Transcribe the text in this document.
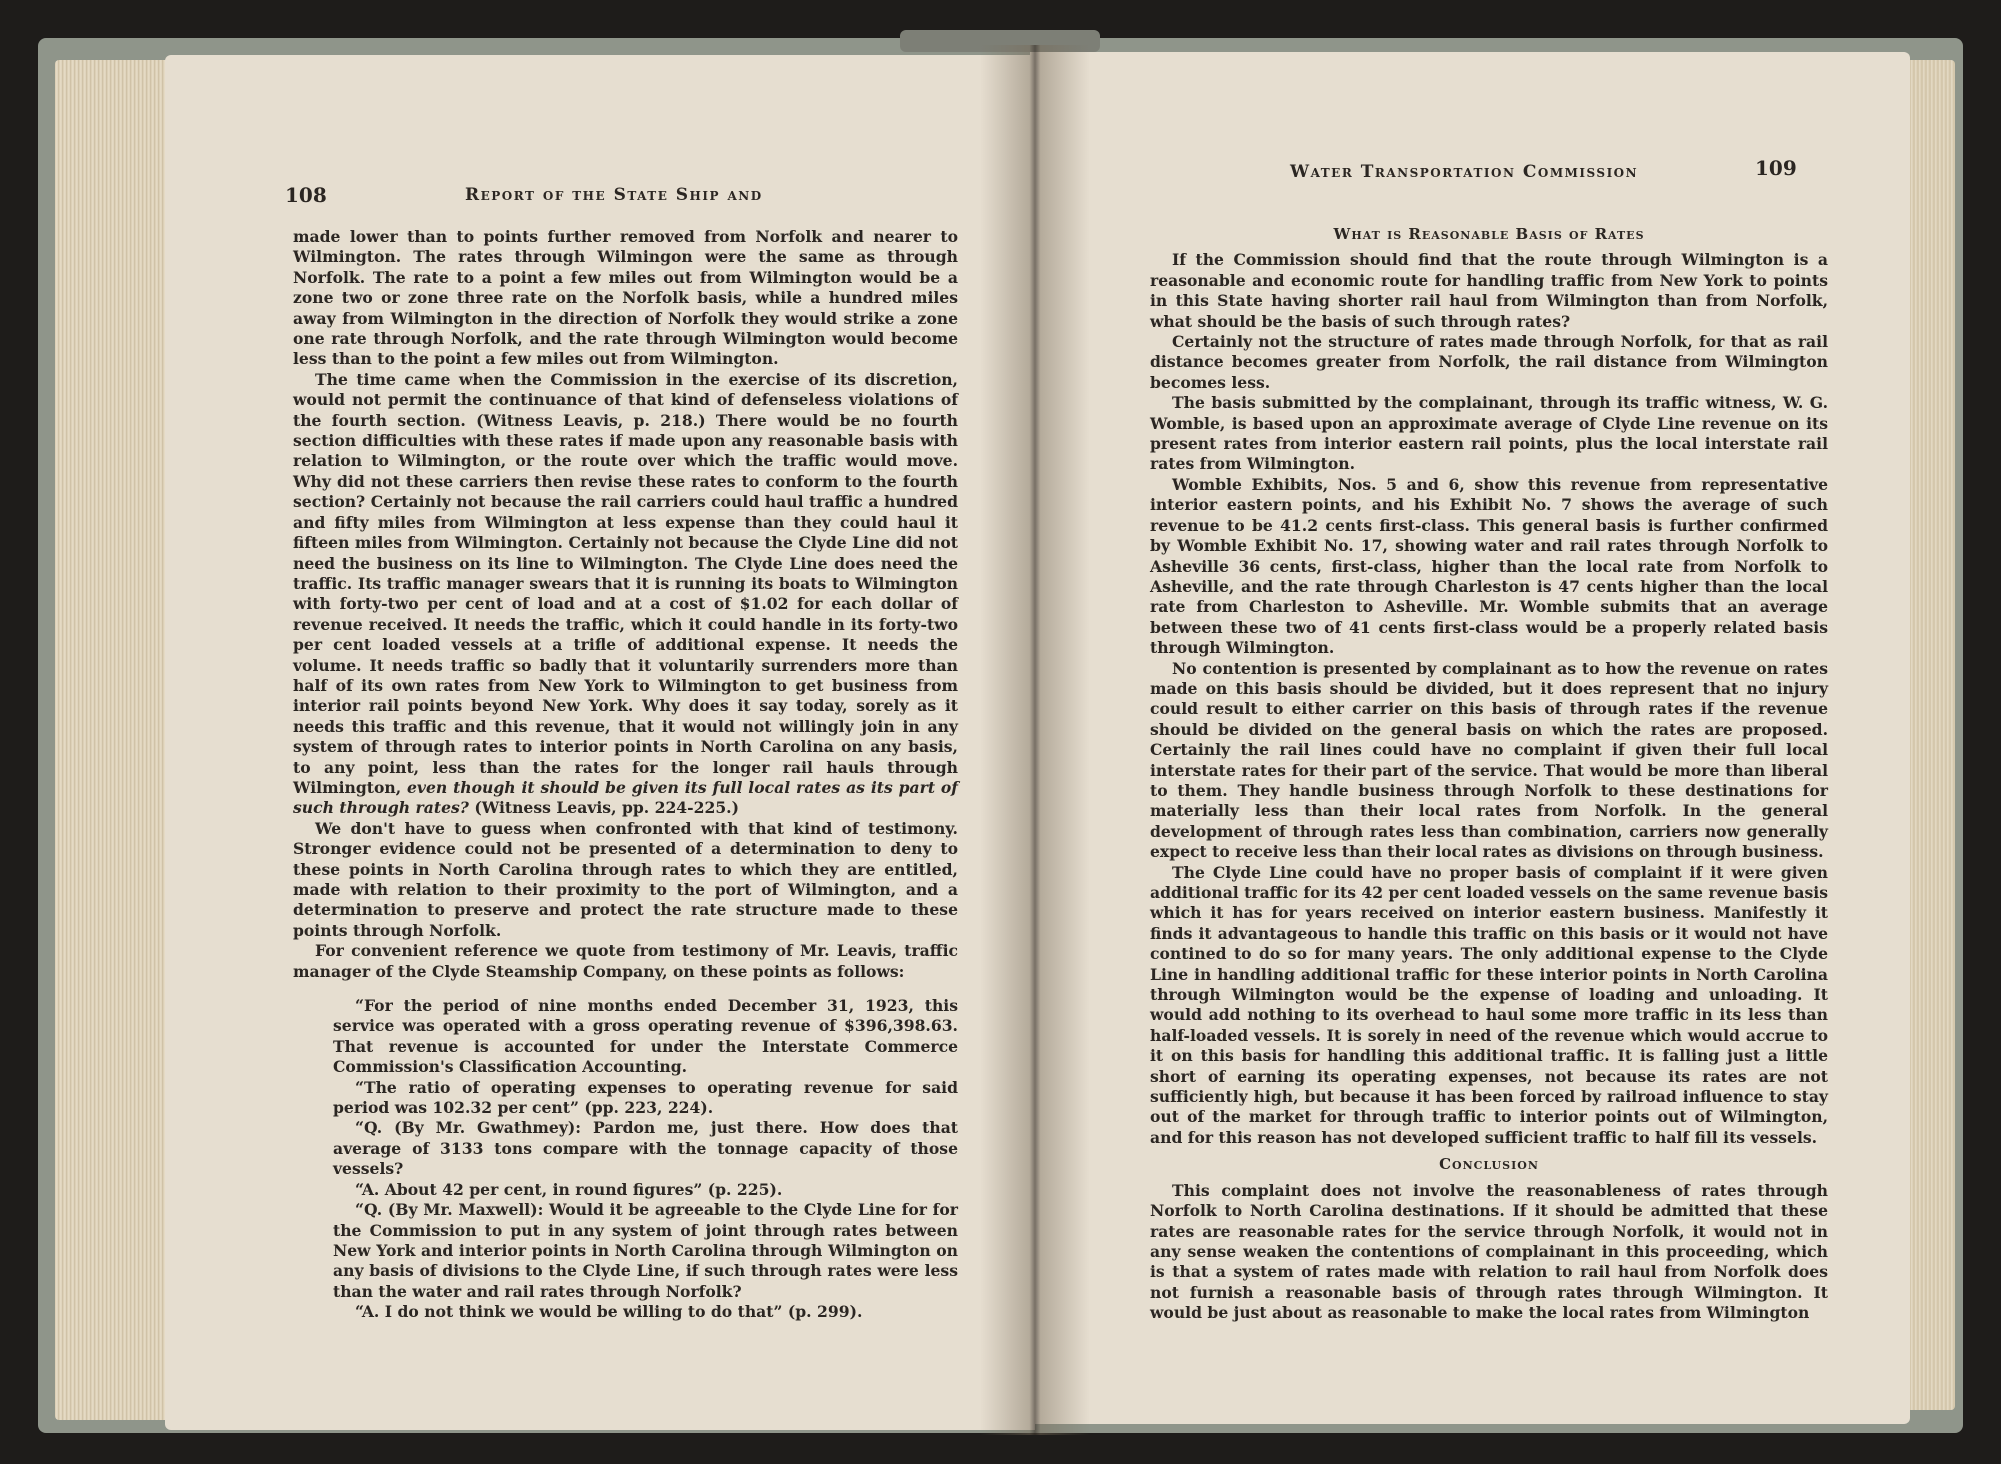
108	Report of the State Ship and

made lower than to points further removed from Norfolk and nearer to Wilmington. The rates through Wilmingon were the same as through Norfolk. The rate to a point a few miles out from Wilmington would be a zone two or zone three rate on the Norfolk basis, while a hundred miles away from Wilmington in the direction of Norfolk they would strike a zone one rate through Norfolk, and the rate through Wilmington would become less than to the point a few miles out from Wilmington.

The time came when the Commission in the exercise of its discretion, would not permit the continuance of that kind of defenseless violations of the fourth section. (Witness Leavis, p. 218.) There would be no fourth section difficulties with these rates if made upon any reasonable basis with relation to Wilmington, or the route over which the traffic would move. Why did not these carriers then revise these rates to conform to the fourth section? Certainly not because the rail carriers could haul traffic a hundred and fifty miles from Wilmington at less expense than they could haul it fifteen miles from Wilmington. Certainly not because the Clyde Line did not need the business on its line to Wilmington. The Clyde Line does need the traffic. Its traffic manager swears that it is running its boats to Wilmington with forty-two per cent of load and at a cost of $1.02 for each dollar of revenue received. It needs the traffic, which it could handle in its forty-two per cent loaded vessels at a trifle of additional expense. It needs the volume. It needs traffic so badly that it voluntarily surrenders more than half of its own rates from New York to Wilmington to get business from interior rail points beyond New York. Why does it say today, sorely as it needs this traffic and this revenue, that it would not willingly join in any system of through rates to interior points in North Carolina on any basis, to any point, less than the rates for the longer rail hauls through Wilmington, even though it should be given its full local rates as its part of such through rates? (Witness Leavis, pp. 224-225.)

We don't have to guess when confronted with that kind of testimony. Stronger evidence could not be presented of a determination to deny to these points in North Carolina through rates to which they are entitled, made with relation to their proximity to the port of Wilmington, and a determination to preserve and protect the rate structure made to these points through Norfolk.

For convenient reference we quote from testimony of Mr. Leavis, traffic manager of the Clyde Steamship Company, on these points as follows:

“For the period of nine months ended December 31, 1923, this service was operated with a gross operating revenue of $396,398.63. That revenue is accounted for under the Interstate Commerce Commission's Classification Accounting.

“The ratio of operating expenses to operating revenue for said period was 102.32 per cent” (pp. 223, 224).

“Q. (By Mr. Gwathmey): Pardon me, just there. How does that average of 3133 tons compare with the tonnage capacity of those vessels?

“A. About 42 per cent, in round figures” (p. 225).

“Q. (By Mr. Maxwell): Would it be agreeable to the Clyde Line for for the Commission to put in any system of joint through rates between New York and interior points in North Carolina through Wilmington on any basis of divisions to the Clyde Line, if such through rates were less than the water and rail rates through Norfolk?

“A. I do not think we would be willing to do that” (p. 299).

Water Transportation Commission	109
What is Reasonable Basis of Rates

If the Commission should find that the route through Wilmington is a reasonable and economic route for handling traffic from New York to points in this State having shorter rail haul from Wilmington than from Norfolk, what should be the basis of such through rates?

Certainly not the structure of rates made through Norfolk, for that as rail distance becomes greater from Norfolk, the rail distance from Wilmington becomes less.

The basis submitted by the complainant, through its traffic witness, W. G. Womble, is based upon an approximate average of Clyde Line revenue on its present rates from interior eastern rail points, plus the local interstate rail rates from Wilmington.

Womble Exhibits, Nos. 5 and 6, show this revenue from representative interior eastern points, and his Exhibit No. 7 shows the average of such revenue to be 41.2 cents first-class. This general basis is further confirmed by Womble Exhibit No. 17, showing water and rail rates through Norfolk to Asheville 36 cents, first-class, higher than the local rate from Norfolk to Asheville, and the rate through Charleston is 47 cents higher than the local rate from Charleston to Asheville. Mr. Womble submits that an average between these two of 41 cents first-class would be a properly related basis through Wilmington.

No contention is presented by complainant as to how the revenue on rates made on this basis should be divided, but it does represent that no injury could result to either carrier on this basis of through rates if the revenue should be divided on the general basis on which the rates are proposed. Certainly the rail lines could have no complaint if given their full local interstate rates for their part of the service. That would be more than liberal to them. They handle business through Norfolk to these destinations for materially less than their local rates from Norfolk. In the general development of through rates less than combination, carriers now generally expect to receive less than their local rates as divisions on through business.

The Clyde Line could have no proper basis of complaint if it were given additional traffic for its 42 per cent loaded vessels on the same revenue basis which it has for years received on interior eastern business. Manifestly it finds it advantageous to handle this traffic on this basis or it would not have contined to do so for many years. The only additional expense to the Clyde Line in handling additional traffic for these interior points in North Carolina through Wilmington would be the expense of loading and unloading. It would add nothing to its overhead to haul some more traffic in its less than half-loaded vessels. It is sorely in need of the revenue which would accrue to it on this basis for handling this additional traffic. It is falling just a little short of earning its operating expenses, not because its rates are not sufficiently high, but because it has been forced by railroad influence to stay out of the market for through traffic to interior points out of Wilmington, and for this reason has not developed sufficient traffic to half fill its vessels.

Conclusion

This complaint does not involve the reasonableness of rates through Norfolk to North Carolina destinations. If it should be admitted that these rates are reasonable rates for the service through Norfolk, it would not in any sense weaken the contentions of complainant in this proceeding, which is that a system of rates made with relation to rail haul from Norfolk does not furnish a reasonable basis of through rates through Wilmington. It would be just about as reasonable to make the local rates from Wilmington
